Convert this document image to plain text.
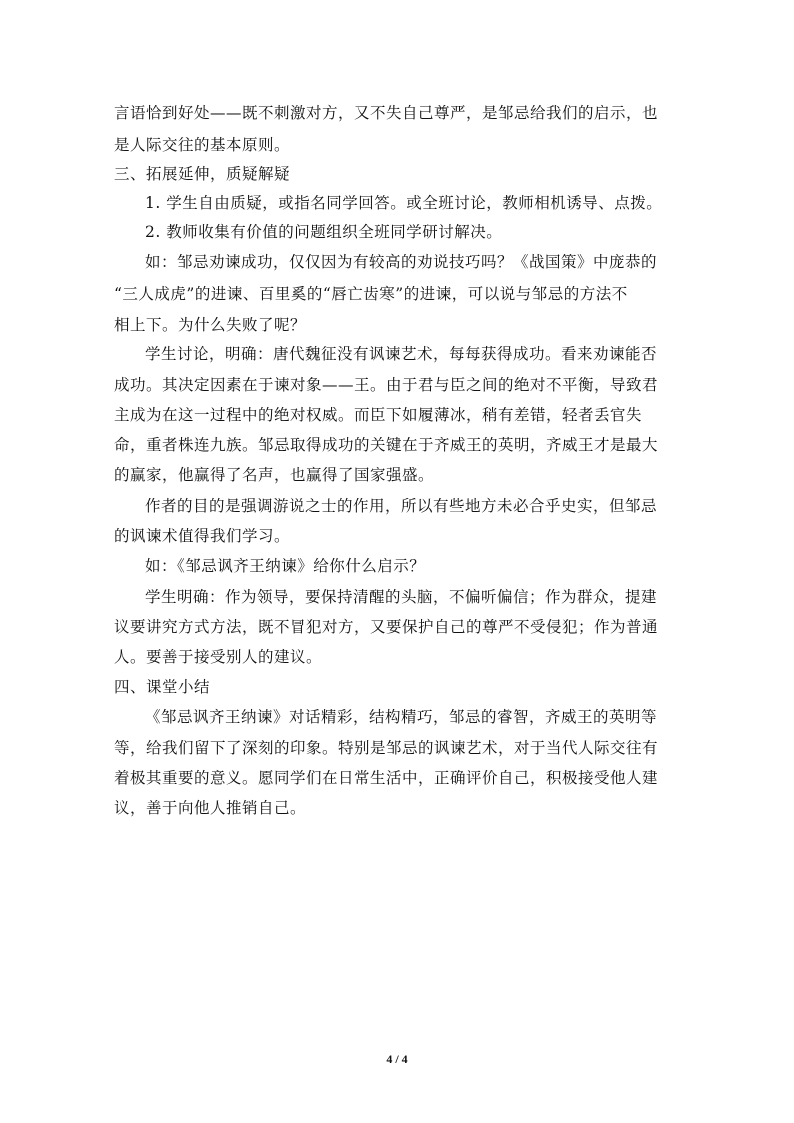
言语恰到好处——既不刺激对方，又不失自己尊严，是邹忌给我们的启示，也
是人际交往的基本原则。
三、拓展延伸，质疑解疑
1. 学生自由质疑，或指名同学回答。或全班讨论，教师相机诱导、点拨。
2. 教师收集有价值的问题组织全班同学研讨解决。
如：邹忌劝谏成功，仅仅因为有较高的劝说技巧吗？《战国策》中庞恭的
“三人成虎”的进谏、百里奚的“唇亡齿寒”的进谏，可以说与邹忌的方法不
相上下。为什么失败了呢？
学生讨论，明确：唐代魏征没有讽谏艺术，每每获得成功。看来劝谏能否
成功。其决定因素在于谏对象——王。由于君与臣之间的绝对不平衡，导致君
主成为在这一过程中的绝对权威。而臣下如履薄冰，稍有差错，轻者丢官失
命，重者株连九族。邹忌取得成功的关键在于齐威王的英明，齐威王才是最大
的赢家，他赢得了名声，也赢得了国家强盛。
作者的目的是强调游说之士的作用，所以有些地方未必合乎史实，但邹忌
的讽谏术值得我们学习。
如：《邹忌讽齐王纳谏》给你什么启示？
学生明确：作为领导，要保持清醒的头脑，不偏听偏信；作为群众，提建
议要讲究方式方法，既不冒犯对方，又要保护自己的尊严不受侵犯；作为普通
人。要善于接受别人的建议。
四、课堂小结
《邹忌讽齐王纳谏》对话精彩，结构精巧，邹忌的睿智，齐威王的英明等
等，给我们留下了深刻的印象。特别是邹忌的讽谏艺术，对于当代人际交往有
着极其重要的意义。愿同学们在日常生活中，正确评价自己，积极接受他人建
议，善于向他人推销自己。
4 / 4
